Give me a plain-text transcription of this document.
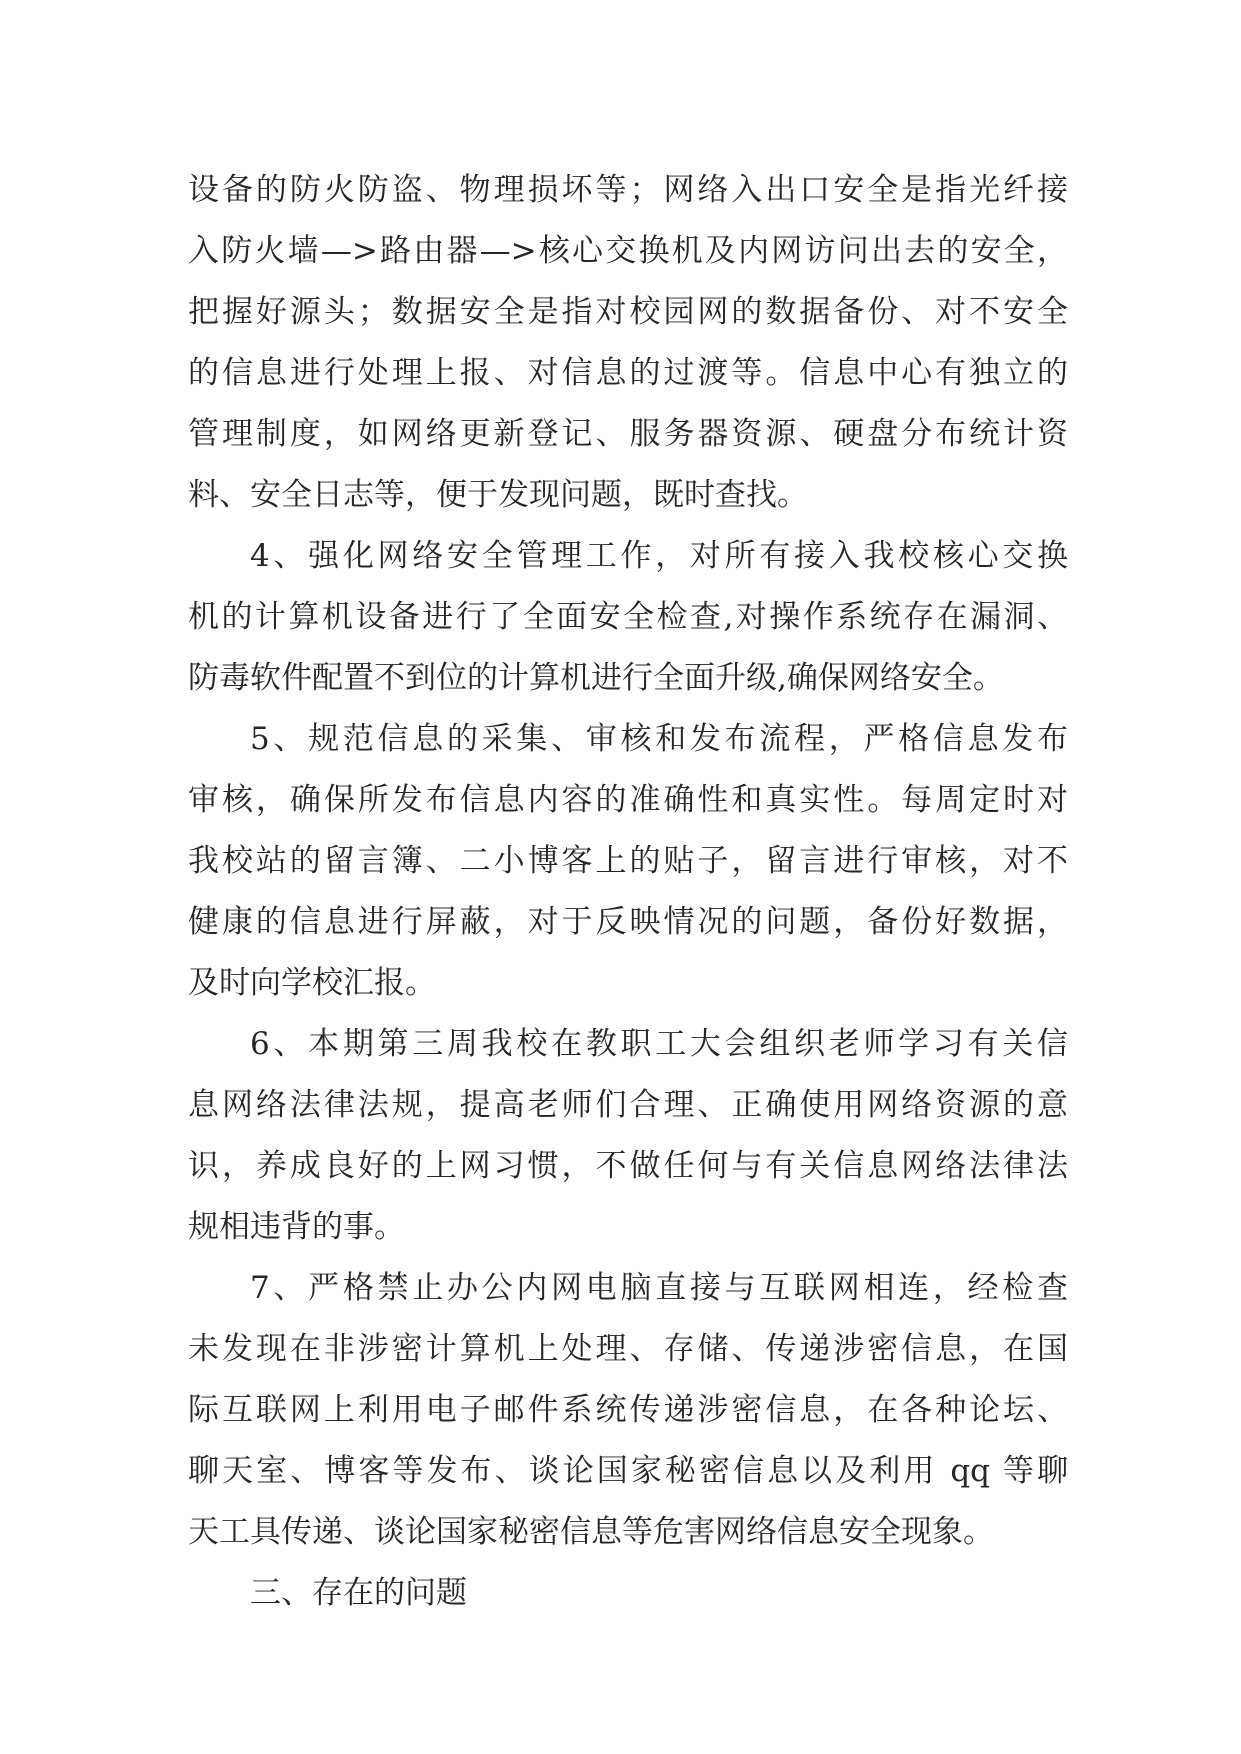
设备的防火防盗、物理损坏等；网络入出口安全是指光纤接
入防火墙—>路由器—>核心交换机及内网访问出去的安全，
把握好源头；数据安全是指对校园网的数据备份、对不安全
的信息进行处理上报、对信息的过渡等。信息中心有独立的
管理制度，如网络更新登记、服务器资源、硬盘分布统计资
料、安全日志等，便于发现问题，既时查找。
4、强化网络安全管理工作，对所有接入我校核心交换
机的计算机设备进行了全面安全检查,对操作系统存在漏洞、
防毒软件配置不到位的计算机进行全面升级,确保网络安全。
5、规范信息的采集、审核和发布流程，严格信息发布
审核，确保所发布信息内容的准确性和真实性。每周定时对
我校站的留言簿、二小博客上的贴子，留言进行审核，对不
健康的信息进行屏蔽，对于反映情况的问题，备份好数据，
及时向学校汇报。
6、本期第三周我校在教职工大会组织老师学习有关信
息网络法律法规，提高老师们合理、正确使用网络资源的意
识，养成良好的上网习惯，不做任何与有关信息网络法律法
规相违背的事。
7、严格禁止办公内网电脑直接与互联网相连，经检查
未发现在非涉密计算机上处理、存储、传递涉密信息，在国
际互联网上利用电子邮件系统传递涉密信息，在各种论坛、
聊天室、博客等发布、谈论国家秘密信息以及利用 qq 等聊
天工具传递、谈论国家秘密信息等危害网络信息安全现象。
三、存在的问题
